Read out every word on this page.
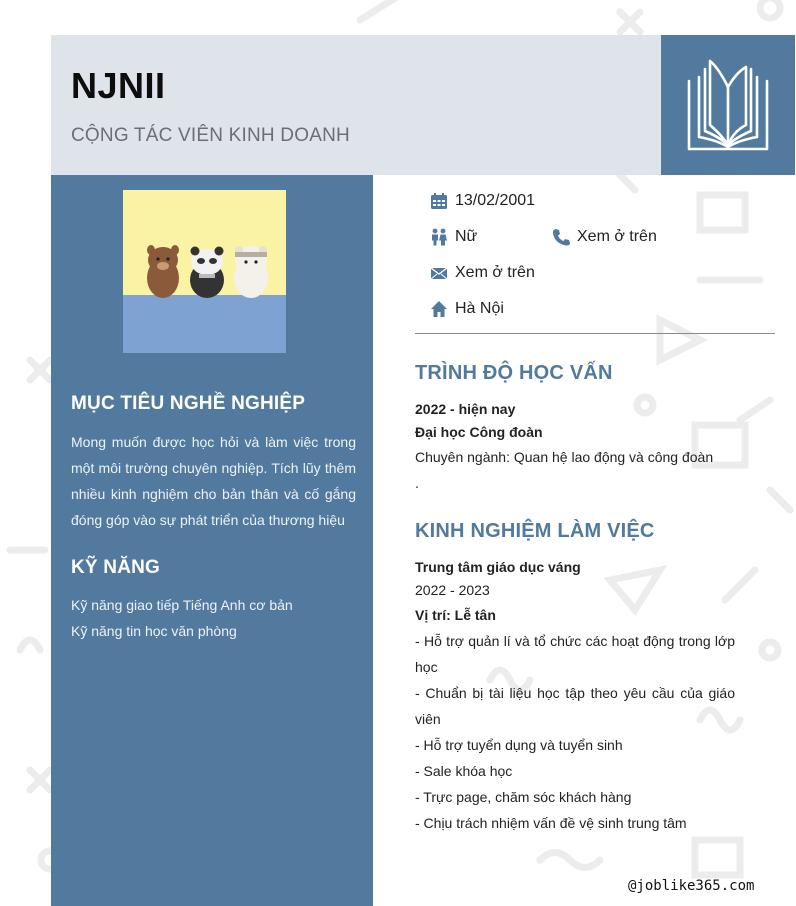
NJNII
CỘNG TÁC VIÊN KINH DOANH
MỤC TIÊU NGHỀ NGHIỆP
Mong muốn được học hỏi và làm việc trong một môi trường chuyên nghiệp. Tích lũy thêm nhiều kinh nghiệm cho bản thân và cố gắng đóng góp vào sự phát triển của thương hiệu
KỸ NĂNG
Kỹ năng giao tiếp Tiếng Anh cơ bản
Kỹ năng tin học văn phòng
13/02/2001
Nữ	Xem ở trên
Xem ở trên
Hà Nội
TRÌNH ĐỘ HỌC VẤN
2022 - hiện nay
Đại học Công đoàn
Chuyên ngành: Quan hệ lao động và công đoàn
.
KINH NGHIỆM LÀM VIỆC
Trung tâm giáo dục váng
2022 - 2023
Vị trí: Lễ tân
- Hỗ trợ quản lí và tổ chức các hoạt động trong lớp học
- Chuẩn bị tài liệu học tập theo yêu cầu của giáo viên
- Hỗ trợ tuyển dụng và tuyển sinh
- Sale khóa học
- Trực page, chăm sóc khách hàng
- Chịu trách nhiệm vấn đề vệ sinh trung tâm
@joblike365.com
